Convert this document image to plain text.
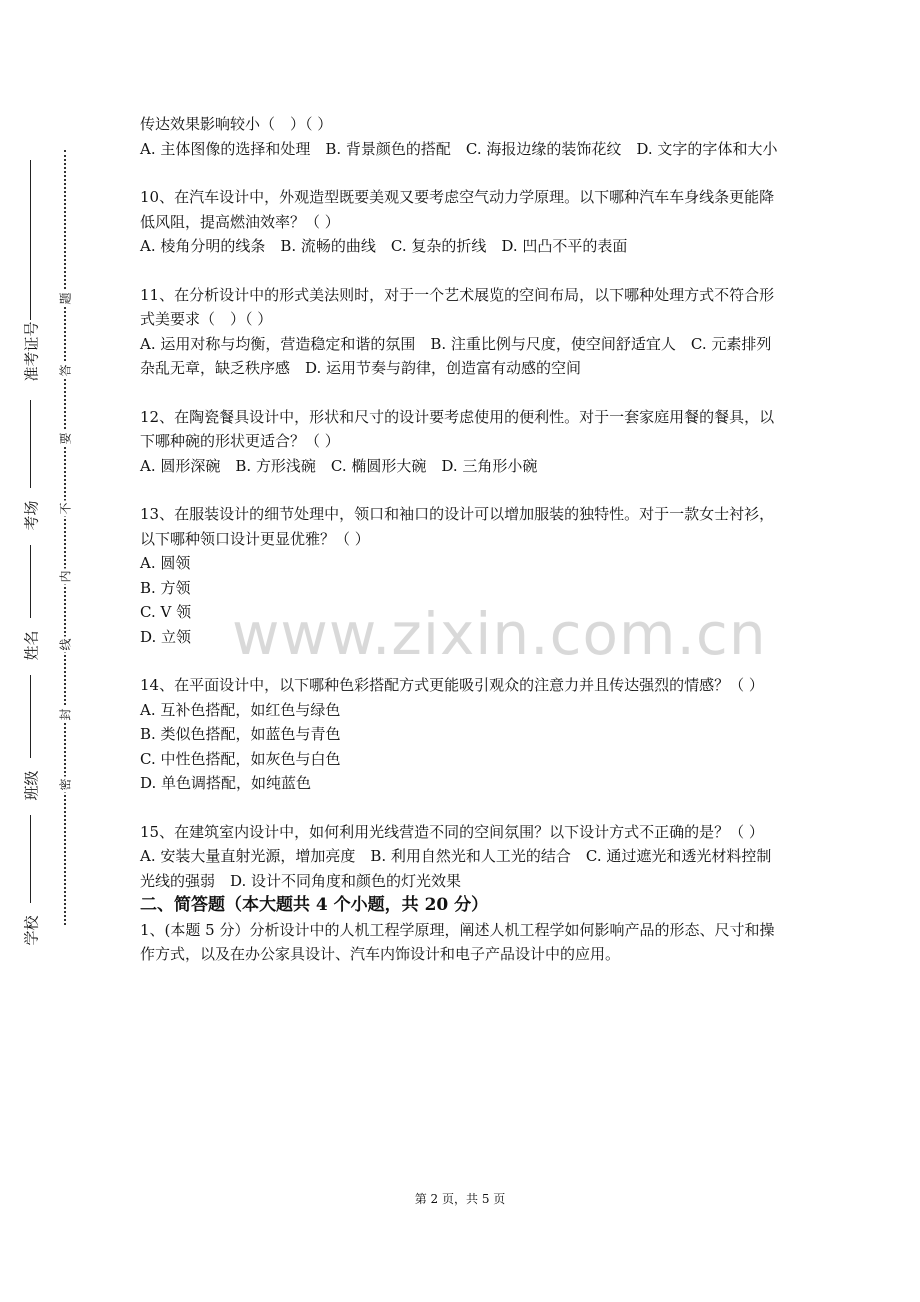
准考证号
考场
姓名
班级
学校
题
答
要
不
内
线
封
密

传达效果影响较小（　）（ ）

A. 主体图像的选择和处理　B. 背景颜色的搭配　C. 海报边缘的装饰花纹　D. 文字的字体和大小

10、在汽车设计中，外观造型既要美观又要考虑空气动力学原理。以下哪种汽车车身线条更能降低风阻，提高燃油效率？（ ）

A. 棱角分明的线条　B. 流畅的曲线　C. 复杂的折线　D. 凹凸不平的表面

11、在分析设计中的形式美法则时，对于一个艺术展览的空间布局，以下哪种处理方式不符合形式美要求（　）（ ）

A. 运用对称与均衡，营造稳定和谐的氛围　B. 注重比例与尺度，使空间舒适宜人　C. 元素排列杂乱无章，缺乏秩序感　D. 运用节奏与韵律，创造富有动感的空间

12、在陶瓷餐具设计中，形状和尺寸的设计要考虑使用的便利性。对于一套家庭用餐的餐具，以下哪种碗的形状更适合？（ ）

A. 圆形深碗　B. 方形浅碗　C. 椭圆形大碗　D. 三角形小碗

13、在服装设计的细节处理中，领口和袖口的设计可以增加服装的独特性。对于一款女士衬衫，以下哪种领口设计更显优雅？（ ）

A. 圆领

B. 方领

C. V 领

D. 立领

14、在平面设计中，以下哪种色彩搭配方式更能吸引观众的注意力并且传达强烈的情感？（ ）

A. 互补色搭配，如红色与绿色

B. 类似色搭配，如蓝色与青色

C. 中性色搭配，如灰色与白色

D. 单色调搭配，如纯蓝色

15、在建筑室内设计中，如何利用光线营造不同的空间氛围？以下设计方式不正确的是？（ ）

A. 安装大量直射光源，增加亮度　B. 利用自然光和人工光的结合　C. 通过遮光和透光材料控制光线的强弱　D. 设计不同角度和颜色的灯光效果

二、简答题（本大题共 4 个小题，共 20 分）

1、(本题 5 分）分析设计中的人机工程学原理，阐述人机工程学如何影响产品的形态、尺寸和操作方式，以及在办公家具设计、汽车内饰设计和电子产品设计中的应用。

www.zixin.com.cn
第 2 页，共 5 页
